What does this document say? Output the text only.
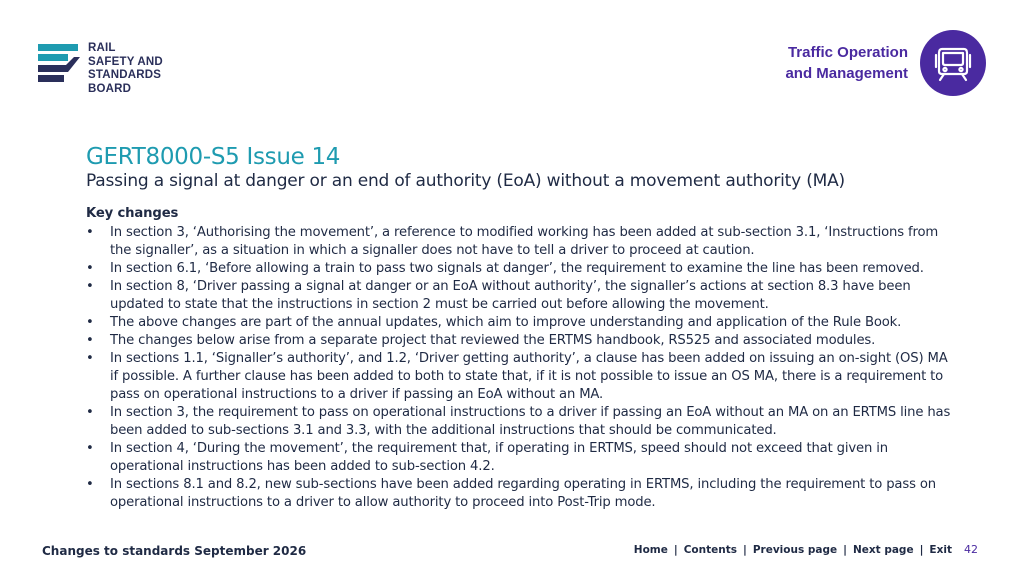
RAIL
SAFETY AND
STANDARDS
BOARD
Traffic Operation
and Management
GERT8000-S5 Issue 14
Passing a signal at danger or an end of authority (EoA) without a movement authority (MA)
Key changes
• In section 3, ‘Authorising the movement’, a reference to modified working has been added at sub-section 3.1, ‘Instructions from the signaller’, as a situation in which a signaller does not have to tell a driver to proceed at caution.
• In section 6.1, ‘Before allowing a train to pass two signals at danger’, the requirement to examine the line has been removed.
• In section 8, ‘Driver passing a signal at danger or an EoA without authority’, the signaller’s actions at section 8.3 have been updated to state that the instructions in section 2 must be carried out before allowing the movement.
• The above changes are part of the annual updates, which aim to improve understanding and application of the Rule Book.
• The changes below arise from a separate project that reviewed the ERTMS handbook, RS525 and associated modules.
• In sections 1.1, ‘Signaller’s authority’, and 1.2, ‘Driver getting authority’, a clause has been added on issuing an on-sight (OS) MA if possible. A further clause has been added to both to state that, if it is not possible to issue an OS MA, there is a requirement to pass on operational instructions to a driver if passing an EoA without an MA.
• In section 3, the requirement to pass on operational instructions to a driver if passing an EoA without an MA on an ERTMS line has been added to sub-sections 3.1 and 3.3, with the additional instructions that should be communicated.
• In section 4, ‘During the movement’, the requirement that, if operating in ERTMS, speed should not exceed that given in operational instructions has been added to sub-section 4.2.
• In sections 8.1 and 8.2, new sub-sections have been added regarding operating in ERTMS, including the requirement to pass on operational instructions to a driver to allow authority to proceed into Post-Trip mode.
Changes to standards September 2026	Home | Contents | Previous page | Next page | Exit 42
